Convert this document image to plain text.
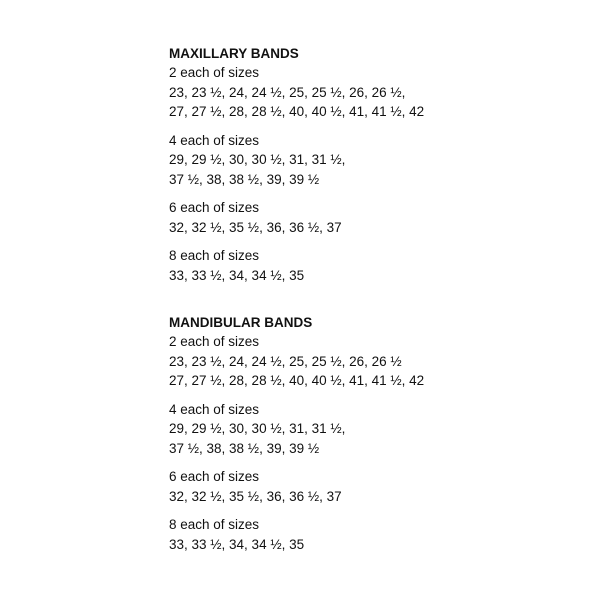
MAXILLARY BANDS
2 each of sizes
23, 23 ½, 24, 24 ½, 25, 25 ½, 26, 26 ½,
27, 27 ½, 28, 28 ½, 40, 40 ½, 41, 41 ½, 42
4 each of sizes
29, 29 ½, 30, 30 ½, 31, 31 ½,
37 ½, 38, 38 ½, 39, 39 ½
6 each of sizes
32, 32 ½, 35 ½, 36, 36 ½, 37
8 each of sizes
33, 33 ½, 34, 34 ½, 35
MANDIBULAR BANDS
2 each of sizes
23, 23 ½, 24, 24 ½, 25, 25 ½, 26, 26 ½
27, 27 ½, 28, 28 ½, 40, 40 ½, 41, 41 ½, 42
4 each of sizes
29, 29 ½, 30, 30 ½, 31, 31 ½,
37 ½, 38, 38 ½, 39, 39 ½
6 each of sizes
32, 32 ½, 35 ½, 36, 36 ½, 37
8 each of sizes
33, 33 ½, 34, 34 ½, 35
